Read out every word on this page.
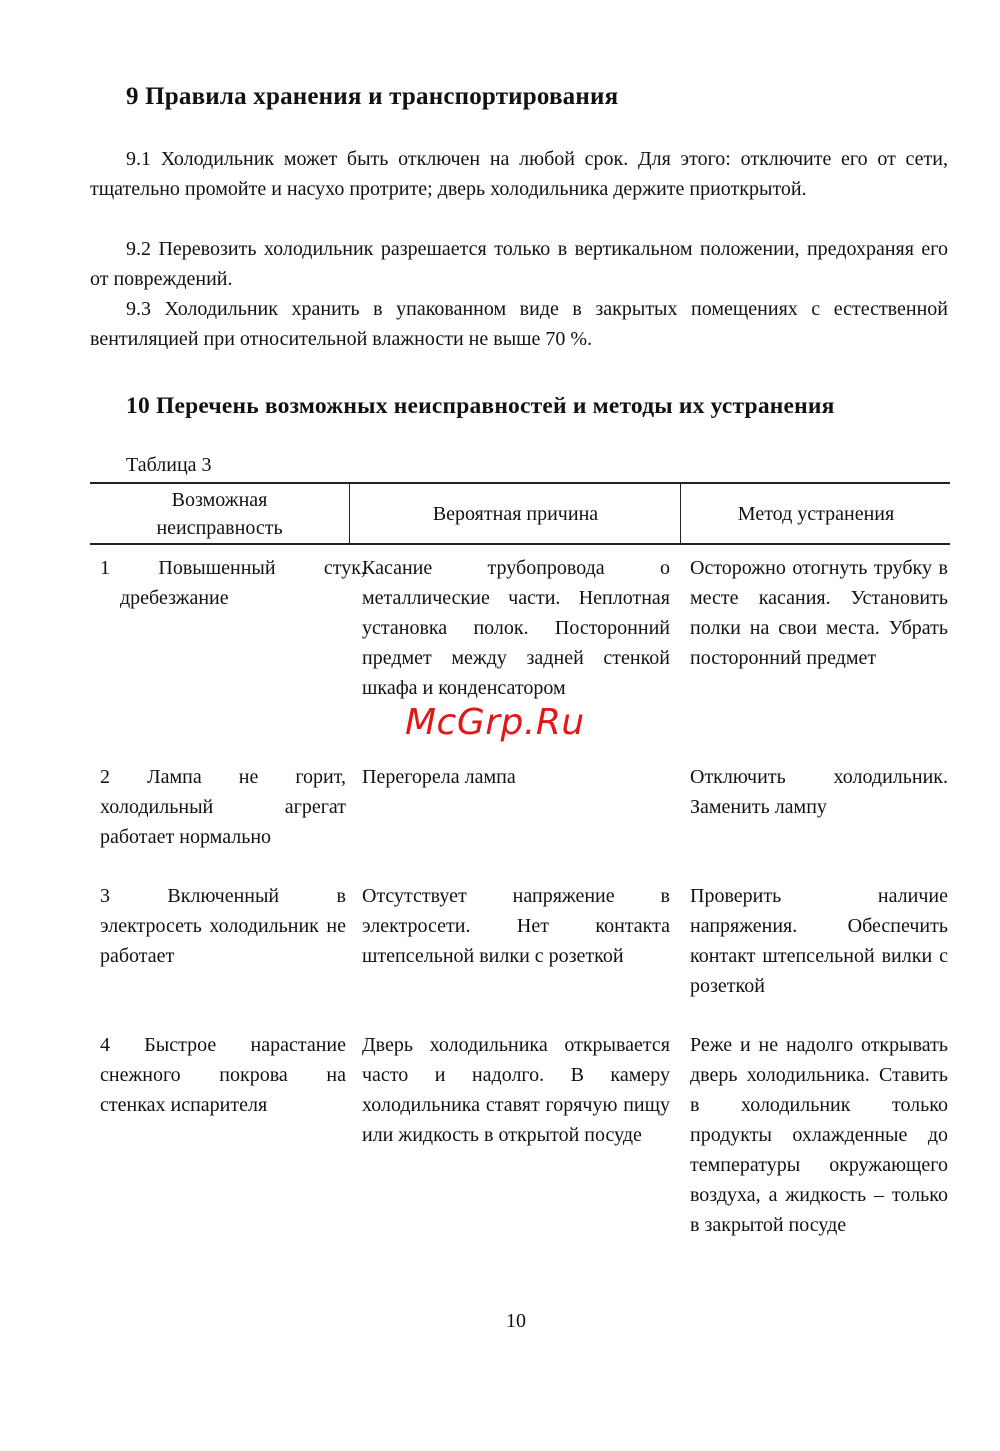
9 Правила хранения и транспортирования

9.1 Холодильник может быть отключен на любой срок. Для этого: отключите его от сети, тщательно промойте и насухо протрите; дверь холодильника держите приоткрытой.

9.2 Перевозить холодильник разрешается только в вертикальном положении, предохраняя его от повреждений.

9.3 Холодильник хранить в упакованном виде в закрытых помещениях с естественной вентиляцией при относительной влажности не выше 70 %.

10 Перечень возможных неисправностей и методы их устранения
Таблица 3
Возможная неисправность
Вероятная причина	Метод устранения

1 Повышенный стук, дребезжание

Касание трубопровода о металлические части. Неплотная установка полок. Посторонний предмет между задней стенкой шкафа и конденсатором

Осторожно отогнуть трубку в месте касания. Установить полки на свои места. Убрать посторонний предмет

2 Лампа не горит, холодильный агрегат работает нормально

Перегорела лампа	Отключить холодильник. Заменить лампу

3 Включенный в электросеть холодильник не работает

Отсутствует напряжение в электросети. Нет контакта штепсельной вилки с розеткой

Проверить наличие напряжения. Обеспечить контакт штепсельной вилки с розеткой

4 Быстрое нарастание снежного покрова на стенках испарителя

Дверь холодильника открывается часто и надолго. В камеру холодильника ставят горячую пищу или жидкость в открытой посуде

Реже и не надолго открывать дверь холодильника. Ставить в холодильник только продукты охлажденные до температуры окружающего воздуха, а жидкость – только в закрытой посуде

McGrp.Ru
10
